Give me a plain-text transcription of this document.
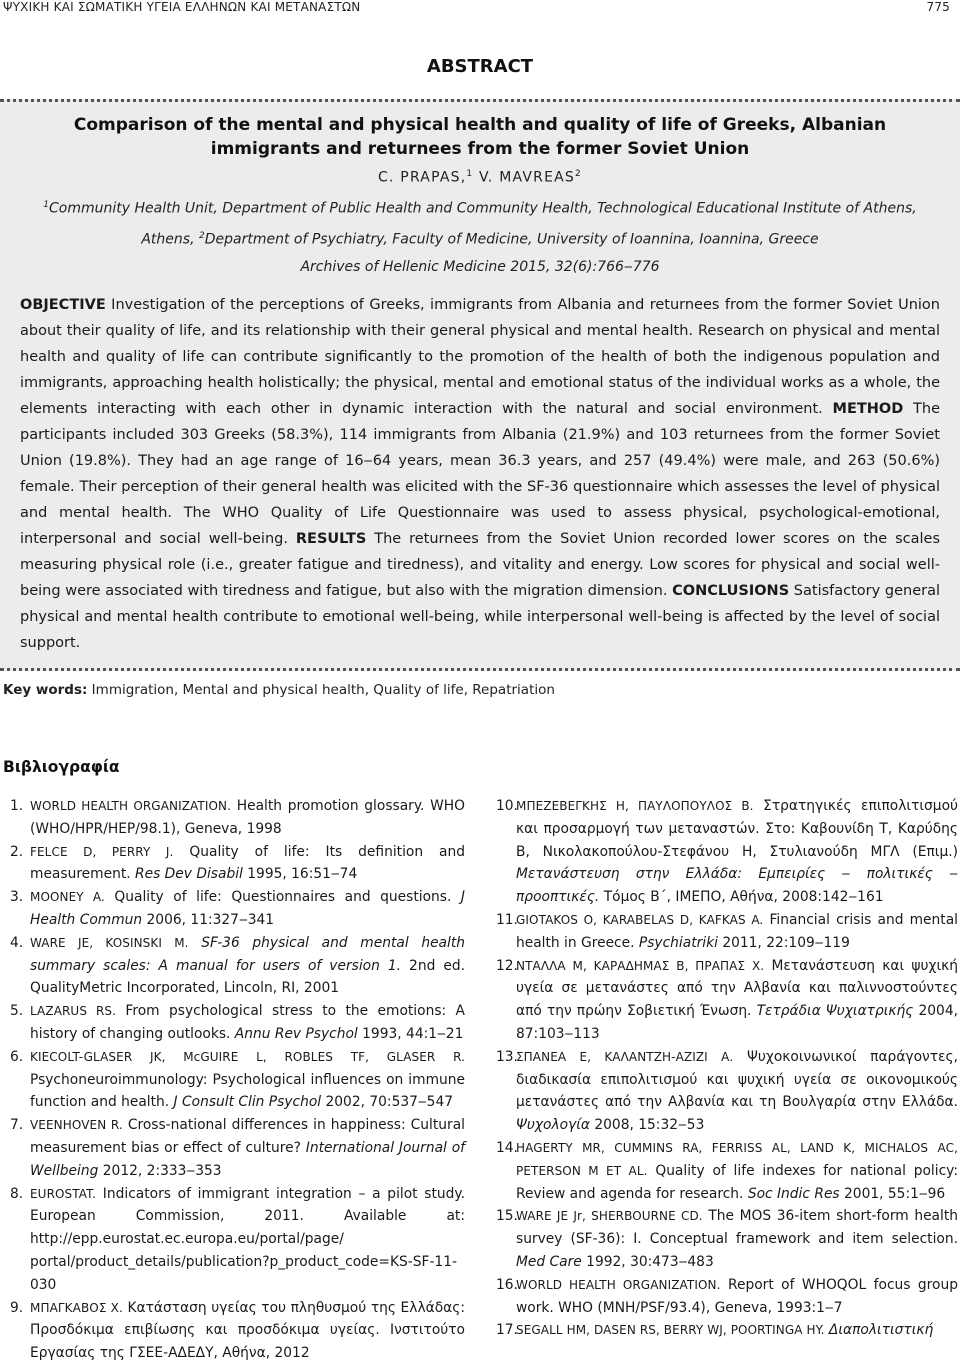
ΨΥΧΙΚΗ ΚΑΙ ΣΩΜΑΤΙΚΗ ΥΓΕΙΑ ΕΛΛΗΝΩΝ ΚΑΙ ΜΕΤΑΝΑΣΤΩΝ	775
ABSTRACT
Comparison of the mental and physical health and quality of life of Greeks, Albanian immigrants and returnees from the former Soviet Union
C. PRAPAS,$^1$ V. MAVREAS$^2$
$^1$Community Health Unit, Department of Public Health and Community Health, Technological Educational Institute of Athens, Athens, $^2$Department of Psychiatry, Faculty of Medicine, University of Ioannina, Ioannina, Greece
Archives of Hellenic Medicine 2015, 32(6):766‒776
OBJECTIVE Investigation of the perceptions of Greeks, immigrants from Albania and returnees from the former Soviet Union about their quality of life, and its relationship with their general physical and mental health. Research on physical and mental health and quality of life can contribute significantly to the promotion of the health of both the indigenous population and immigrants, approaching health holistically; the physical, mental and emotional status of the individual works as a whole, the elements interacting with each other in dynamic interaction with the natural and social environment. METHOD The participants included 303 Greeks (58.3%), 114 immigrants from Albania (21.9%) and 103 returnees from the former Soviet Union (19.8%). They had an age range of 16‒64 years, mean 36.3 years, and 257 (49.4%) were male, and 263 (50.6%) female. Their perception of their general health was elicited with the SF-36 questionnaire which assesses the level of physical and mental health. The WHO Quality of Life Questionnaire was used to assess physical, psychological-emotional, interpersonal and social well-being. RESULTS The returnees from the Soviet Union recorded lower scores on the scales measuring physical role (i.e., greater fatigue and tiredness), and vitality and energy. Low scores for physical and social well-being were associated with tiredness and fatigue, but also with the migration dimension. CONCLUSIONS Satisfactory general physical and mental health contribute to emotional well-being, while interpersonal well-being is affected by the level of social support.
Key words: Immigration, Mental and physical health, Quality of life, Repatriation
Βιβλιογραφία
1. WORLD HEALTH ORGANIZATION. Health promotion glossary. WHO (WHO/HPR/HEP/98.1), Geneva, 1998
2. FELCE D, PERRY J. Quality of life: Its definition and measurement. Res Dev Disabil 1995, 16:51‒74
3. MOONEY A. Quality of life: Questionnaires and questions. J Health Commun 2006, 11:327‒341
4. WARE JE, KOSINSKI M. SF-36 physical and mental health summary scales: A manual for users of version 1. 2nd ed. QualityMetric Incorporated, Lincoln, RI, 2001
5. LAZARUS RS. From psychological stress to the emotions: A history of changing outlooks. Annu Rev Psychol 1993, 44:1‒21
6. KIECOLT-GLASER JK, McGUIRE L, ROBLES TF, GLASER R. Psychoneuroimmunology: Psychological influences on immune function and health. J Consult Clin Psychol 2002, 70:537‒547
7. VEENHOVEN R. Cross-national differences in happiness: Cultural measurement bias or effect of culture? International Journal of Wellbeing 2012, 2:333‒353
8. EUROSTAT. Indicators of immigrant integration – a pilot study. European Commission, 2011. Available at: http://epp.eurostat.ec.europa.eu/portal/page/ portal/product_details/publication?p_product_code=KS-SF-11-030
9. ΜΠΑΓΚΑΒΟΣ Χ. Κατάσταση υγείας του πληθυσμού της Ελλάδας: Προσδόκιμα επιβίωσης και προσδόκιμα υγείας. Ινστιτούτο Εργασίας της ΓΣΕΕ-ΑΔΕΔΥ, Αθήνα, 2012
10.
ΜΠΕΖΕΒΕΓΚΗΣ Η, ΠΑΥΛΟΠΟΥΛΟΣ Β. Στρατηγικές επιπολιτισμού και προσαρμογή των μεταναστών. Στο: Καβουνίδη Τ, Καρύδης Β, Νικολακοπούλου-Στεφάνου Η, Στυλιανούδη ΜΓΛ (Επιμ.) Μετανάστευση στην Ελλάδα: Εμπειρίες ‒ πολιτικές ‒ προοπτικές. Τόμος Β΄, ΙΜΕΠΟ, Αθήνα, 2008:142‒161
11.
GIOTAKOS O, KARABELAS D, KAFKAS A. Financial crisis and mental health in Greece. Psychiatriki 2011, 22:109‒119
12.
ΝΤΑΛΛΑ Μ, ΚΑΡΑΔΗΜΑΣ Β, ΠΡΑΠΑΣ Χ. Μετανάστευση και ψυχική υγεία σε μετανάστες από την Αλβανία και παλιννοστούντες από την πρώην Σοβιετική Ένωση. Τετράδια Ψυχιατρικής 2004, 87:103‒113
13.
ΣΠΑΝΕΑ Ε, ΚΑΛΑΝΤΖΗ-ΑΖΙΖΙ Α. Ψυχοκοινωνικοί παράγοντες, διαδικασία επιπολιτισμού και ψυχική υγεία σε οικονομικούς μετανάστες από την Αλβανία και τη Βουλγαρία στην Ελλάδα. Ψυχολογία 2008, 15:32‒53
14.
HAGERTY MR, CUMMINS RA, FERRISS AL, LAND K, MICHALOS AC, PETERSON M ET AL. Quality of life indexes for national policy: Review and agenda for research. Soc Indic Res 2001, 55:1‒96
15.
WARE JE Jr, SHERBOURNE CD. The MOS 36-item short-form health survey (SF-36): I. Conceptual framework and item selection. Med Care 1992, 30:473‒483
16.
WORLD HEALTH ORGANIZATION. Report of WHOQOL focus group work. WHO (MNH/PSF/93.4), Geneva, 1993:1‒7
17.
SEGALL HM, DASEN RS, BERRY WJ, POORTINGA HY. Διαπολιτιστική
